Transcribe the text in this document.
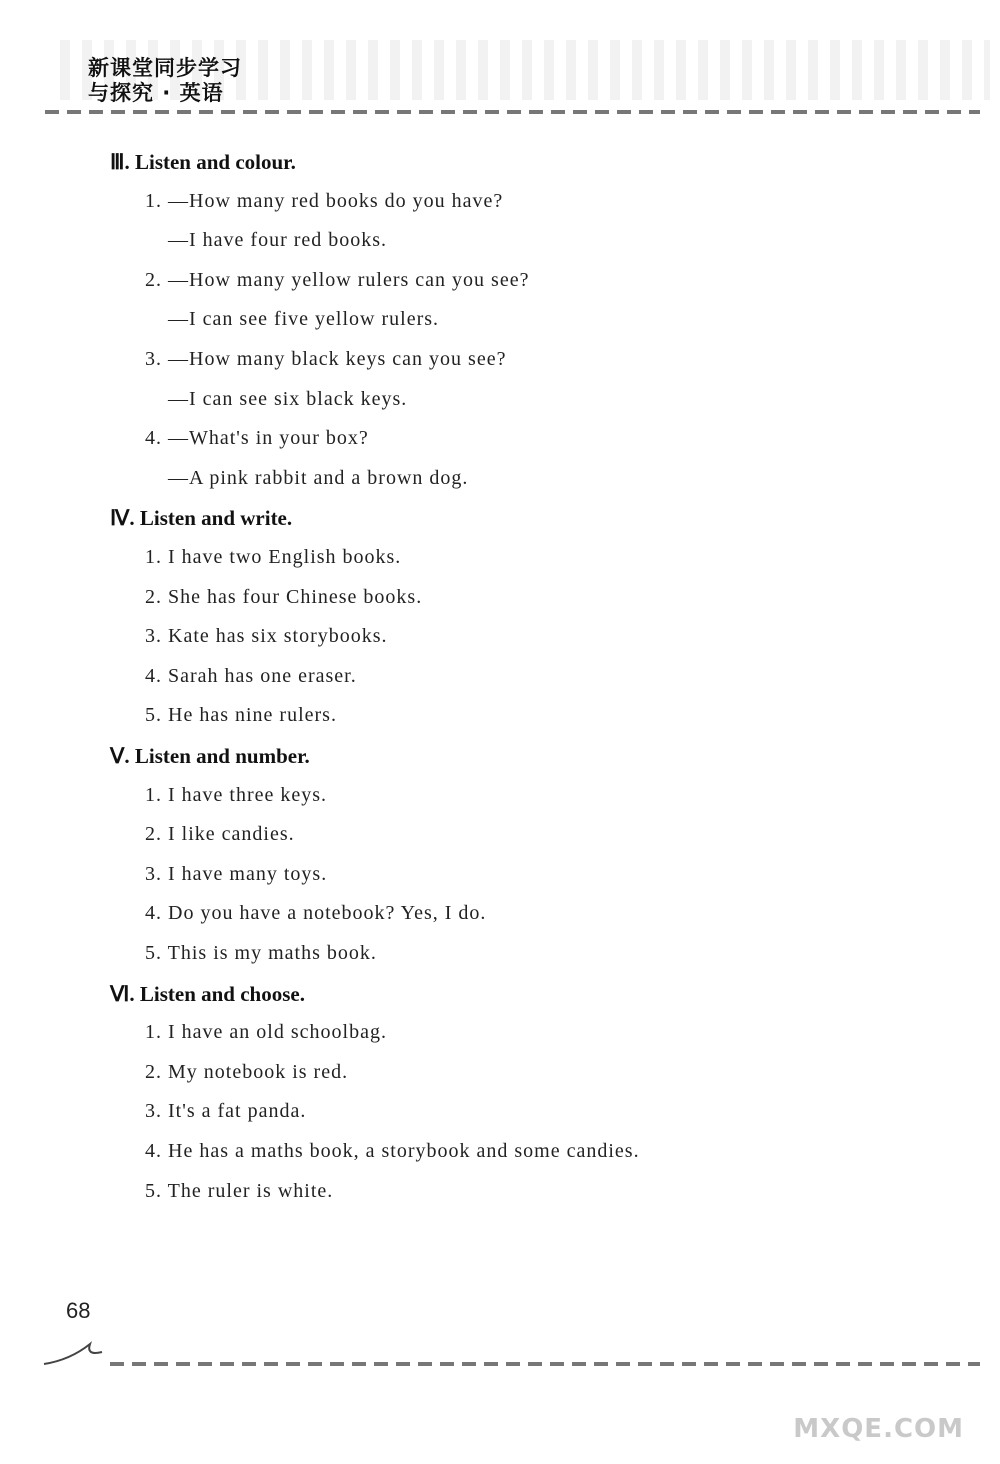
新课堂同步学习
与探究 · 英语
Ⅲ. Listen and colour.
1. —How many red books do you have?
—I have four red books.
2. —How many yellow rulers can you see?
—I can see five yellow rulers.
3. —How many black keys can you see?
—I can see six black keys.
4. —What's in your box?
—A pink rabbit and a brown dog.
Ⅳ. Listen and write.
1. I have two English books.
2. She has four Chinese books.
3. Kate has six storybooks.
4. Sarah has one eraser.
5. He has nine rulers.
Ⅴ. Listen and number.
1. I have three keys.
2. I like candies.
3. I have many toys.
4. Do you have a notebook? Yes, I do.
5. This is my maths book.
Ⅵ. Listen and choose.
1. I have an old schoolbag.
2. My notebook is red.
3. It's a fat panda.
4. He has a maths book, a storybook and some candies.
5. The ruler is white.
68
MXQE.COM
